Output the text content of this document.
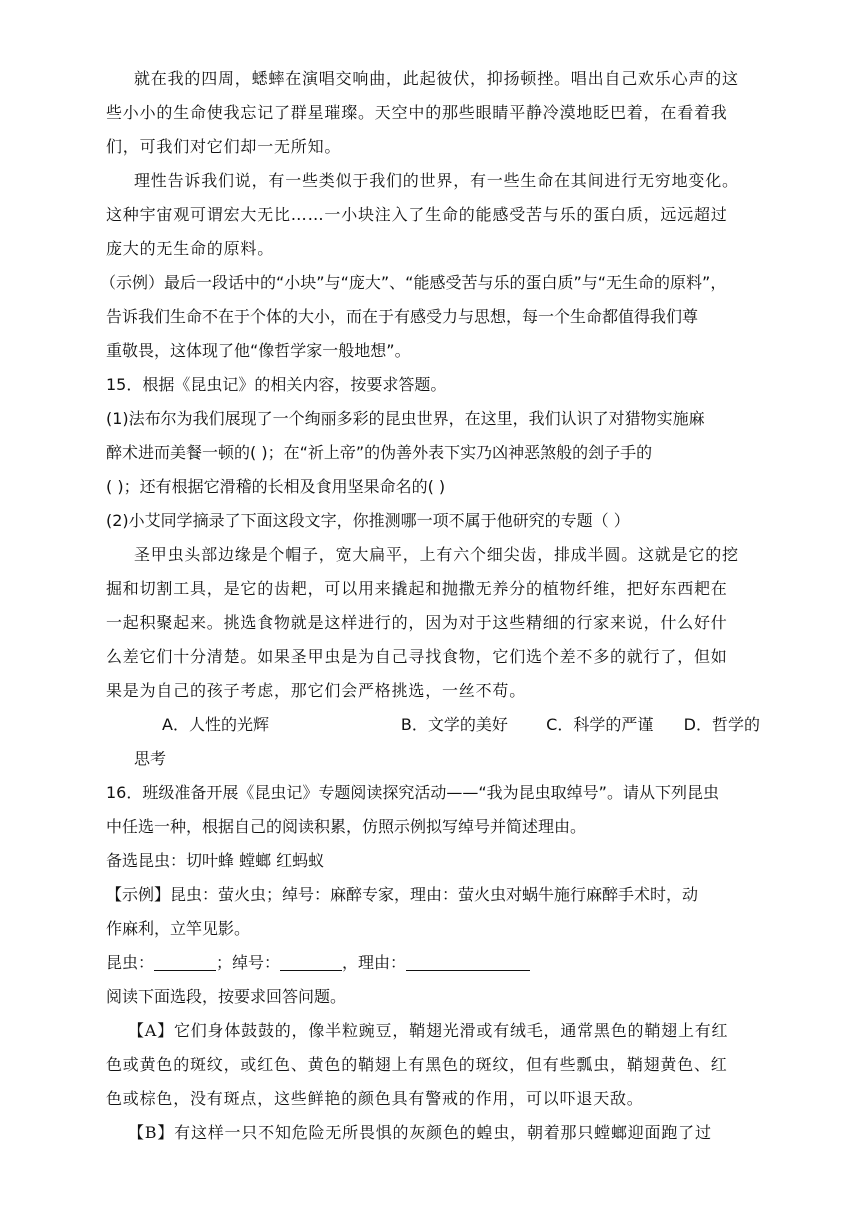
就在我的四周，蟋蟀在演唱交响曲，此起彼伏，抑扬顿挫。唱出自己欢乐心声的这
些小小的生命使我忘记了群星璀璨。天空中的那些眼睛平静冷漠地眨巴着，在看着我
们，可我们对它们却一无所知。
理性告诉我们说，有一些类似于我们的世界，有一些生命在其间进行无穷地变化。
这种宇宙观可谓宏大无比……一小块注入了生命的能感受苦与乐的蛋白质，远远超过
庞大的无生命的原料。
（示例）最后一段话中的“小块”与“庞大”、“能感受苦与乐的蛋白质”与“无生命的原料”，
告诉我们生命不在于个体的大小，而在于有感受力与思想，每一个生命都值得我们尊
重敬畏，这体现了他“像哲学家一般地想”。
15．根据《昆虫记》的相关内容，按要求答题。
(1)法布尔为我们展现了一个绚丽多彩的昆虫世界，在这里，我们认识了对猎物实施麻
醉术进而美餐一顿的( )；在“祈上帝”的伪善外表下实乃凶神恶煞般的刽子手的
( )；还有根据它滑稽的长相及食用坚果命名的( )
(2)小艾同学摘录了下面这段文字，你推测哪一项不属于他研究的专题（ ）
圣甲虫头部边缘是个帽子，宽大扁平，上有六个细尖齿，排成半圆。这就是它的挖
掘和切割工具，是它的齿耙，可以用来撬起和抛撒无养分的植物纤维，把好东西耙在
一起积聚起来。挑选食物就是这样进行的，因为对于这些精细的行家来说，什么好什
么差它们十分清楚。如果圣甲虫是为自己寻找食物，它们选个差不多的就行了，但如
果是为自己的孩子考虑，那它们会严格挑选，一丝不苟。
A．人性的光辉	B．文学的美好	C．科学的严谨	D．哲学的
思考
16．班级准备开展《昆虫记》专题阅读探究活动——“我为昆虫取绰号”。请从下列昆虫
中任选一种，根据自己的阅读积累，仿照示例拟写绰号并简述理由。
备选昆虫：切叶蜂 螳螂 红蚂蚁
【示例】昆虫：萤火虫；绰号：麻醉专家，理由：萤火虫对蜗牛施行麻醉手术时，动
作麻利，立竿见影。
昆虫：	；绰号：	，理由：
阅读下面选段，按要求回答问题。
【A】它们身体鼓鼓的，像半粒豌豆，鞘翅光滑或有绒毛，通常黑色的鞘翅上有红
色或黄色的斑纹，或红色、黄色的鞘翅上有黑色的斑纹，但有些瓢虫，鞘翅黄色、红
色或棕色，没有斑点，这些鲜艳的颜色具有警戒的作用，可以吓退天敌。
【B】有这样一只不知危险无所畏惧的灰颜色的蝗虫，朝着那只螳螂迎面跑了过
